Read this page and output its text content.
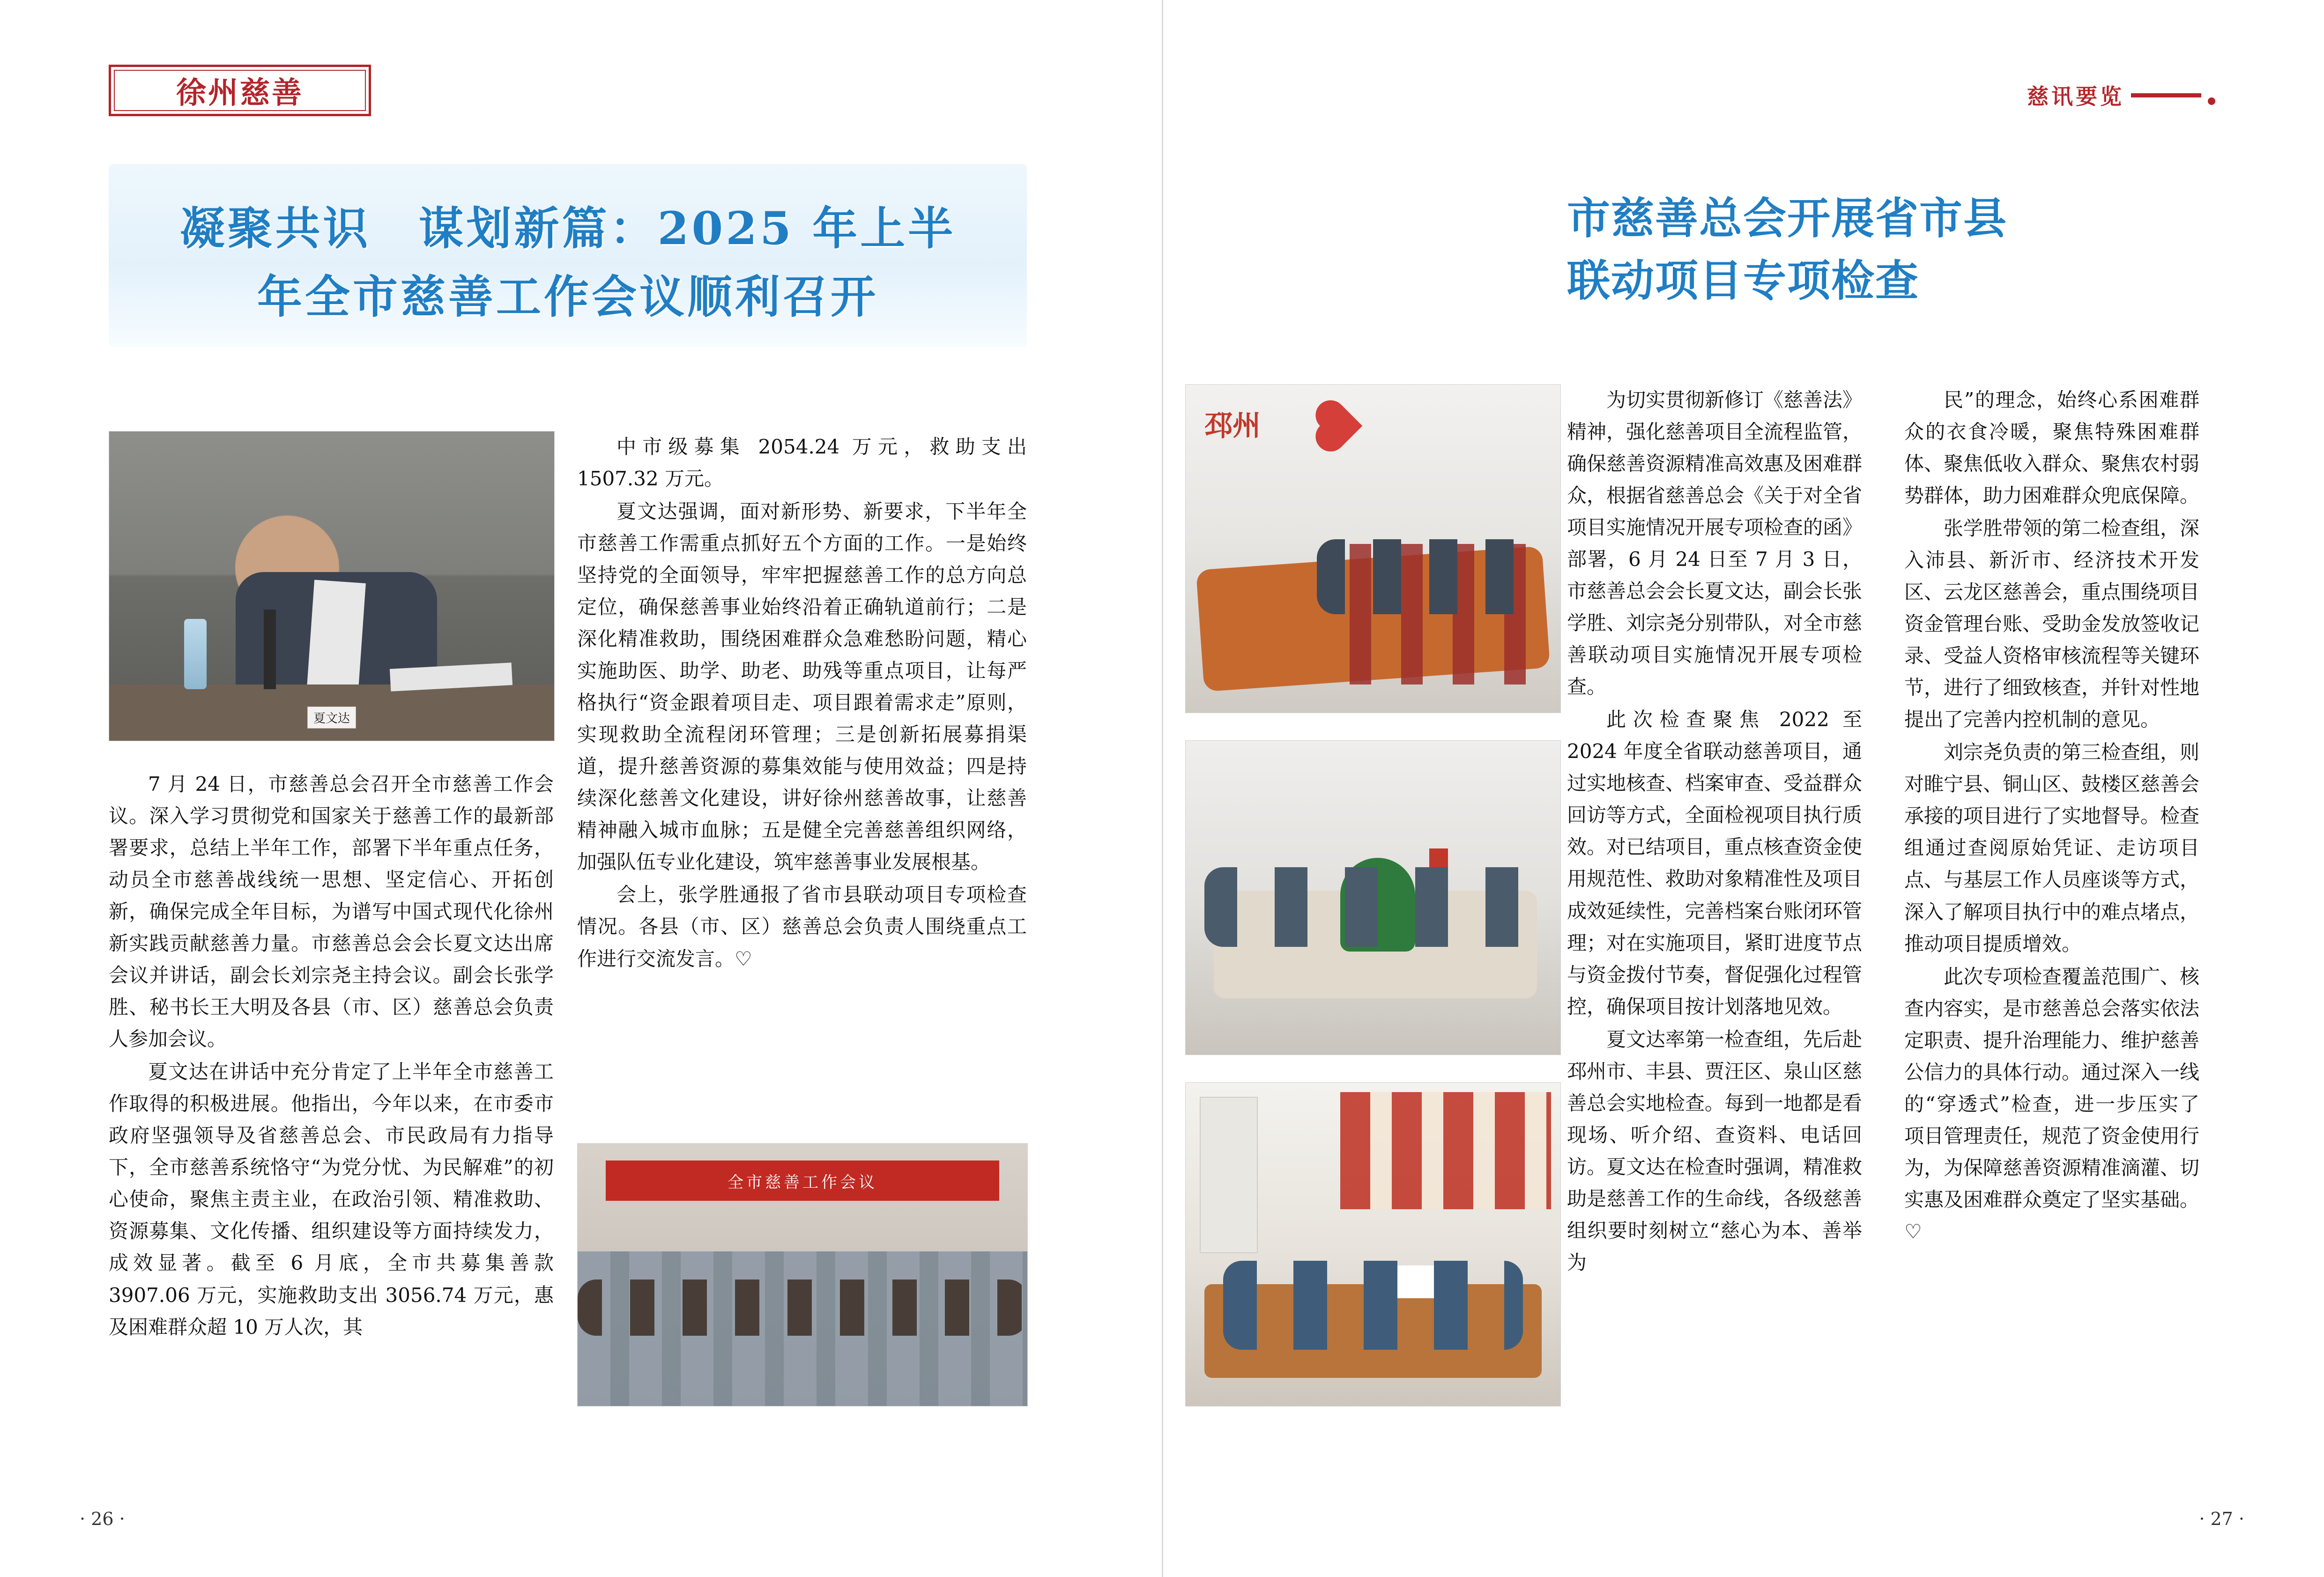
徐州慈善
凝聚共识　谋划新篇：2025 年上半
年全市慈善工作会议顺利召开
夏文达

7 月 24 日，市慈善总会召开全市慈善工作会议。深入学习贯彻党和国家关于慈善工作的最新部署要求，总结上半年工作，部署下半年重点任务，动员全市慈善战线统一思想、坚定信心、开拓创新，确保完成全年目标，为谱写中国式现代化徐州新实践贡献慈善力量。市慈善总会会长夏文达出席会议并讲话，副会长刘宗尧主持会议。副会长张学胜、秘书长王大明及各县（市、区）慈善总会负责人参加会议。

夏文达在讲话中充分肯定了上半年全市慈善工作取得的积极进展。他指出，今年以来，在市委市政府坚强领导及省慈善总会、市民政局有力指导下，全市慈善系统恪守“为党分忧、为民解难”的初心使命，聚焦主责主业，在政治引领、精准救助、资源募集、文化传播、组织建设等方面持续发力，成效显著。截至 6 月底，全市共募集善款 3907.06 万元，实施救助支出 3056.74 万元，惠及困难群众超 10 万人次，其

中市级募集 2054.24 万元，救助支出 1507.32 万元。

夏文达强调，面对新形势、新要求，下半年全市慈善工作需重点抓好五个方面的工作。一是始终坚持党的全面领导，牢牢把握慈善工作的总方向总定位，确保慈善事业始终沿着正确轨道前行；二是深化精准救助，围绕困难群众急难愁盼问题，精心实施助医、助学、助老、助残等重点项目，让每严格执行“资金跟着项目走、项目跟着需求走”原则，实现救助全流程闭环管理；三是创新拓展募捐渠道，提升慈善资源的募集效能与使用效益；四是持续深化慈善文化建设，讲好徐州慈善故事，让慈善精神融入城市血脉；五是健全完善慈善组织网络，加强队伍专业化建设，筑牢慈善事业发展根基。

会上，张学胜通报了省市县联动项目专项检查情况。各县（市、区）慈善总会负责人围绕重点工作进行交流发言。♡

全市慈善工作会议
· 26 ·
慈讯要览
市慈善总会开展省市县
联动项目专项检查
邳州

为切实贯彻新修订《慈善法》精神，强化慈善项目全流程监管，确保慈善资源精准高效惠及困难群众，根据省慈善总会《关于对全省项目实施情况开展专项检查的函》部署，6 月 24 日至 7 月 3 日，市慈善总会会长夏文达，副会长张学胜、刘宗尧分别带队，对全市慈善联动项目实施情况开展专项检查。

此次检查聚焦 2022 至 2024 年度全省联动慈善项目，通过实地核查、档案审查、受益群众回访等方式，全面检视项目执行质效。对已结项目，重点核查资金使用规范性、救助对象精准性及项目成效延续性，完善档案台账闭环管理；对在实施项目，紧盯进度节点与资金拨付节奏，督促强化过程管控，确保项目按计划落地见效。

夏文达率第一检查组，先后赴邳州市、丰县、贾汪区、泉山区慈善总会实地检查。每到一地都是看现场、听介绍、查资料、电话回访。夏文达在检查时强调，精准救助是慈善工作的生命线，各级慈善组织要时刻树立“慈心为本、善举为

民”的理念，始终心系困难群众的衣食冷暖，聚焦特殊困难群体、聚焦低收入群众、聚焦农村弱势群体，助力困难群众兜底保障。

张学胜带领的第二检查组，深入沛县、新沂市、经济技术开发区、云龙区慈善会，重点围绕项目资金管理台账、受助金发放签收记录、受益人资格审核流程等关键环节，进行了细致核查，并针对性地提出了完善内控机制的意见。

刘宗尧负责的第三检查组，则对睢宁县、铜山区、鼓楼区慈善会承接的项目进行了实地督导。检查组通过查阅原始凭证、走访项目点、与基层工作人员座谈等方式，深入了解项目执行中的难点堵点，推动项目提质增效。

此次专项检查覆盖范围广、核查内容实，是市慈善总会落实依法定职责、提升治理能力、维护慈善公信力的具体行动。通过深入一线的“穿透式”检查，进一步压实了项目管理责任，规范了资金使用行为，为保障慈善资源精准滴灌、切实惠及困难群众奠定了坚实基础。♡

· 27 ·
